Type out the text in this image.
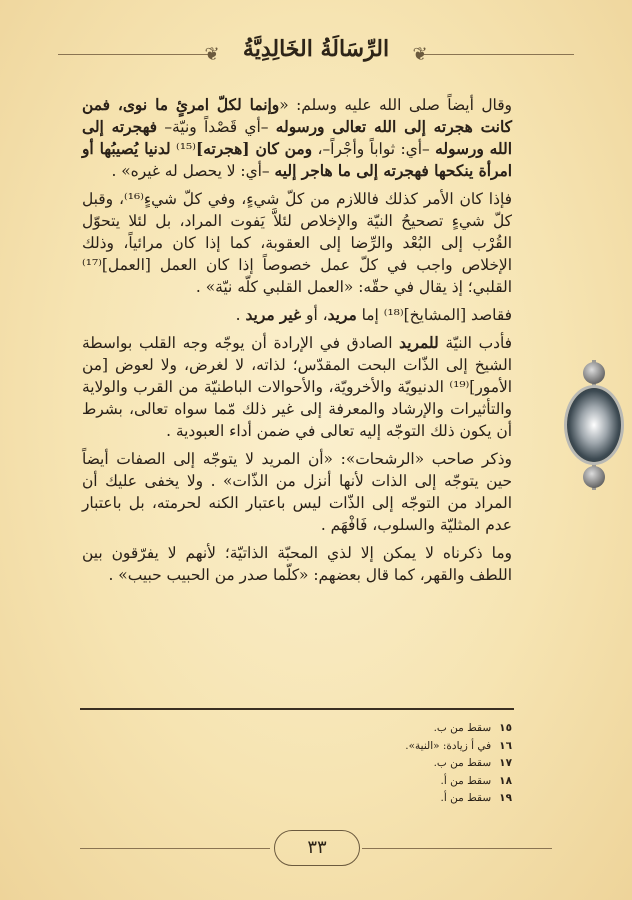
❦
الرِّسَالَةُ الخَالِدِيَّةُ
❦

وقال أيضاً صلى الله عليه وسلم: «وإنما لكلّ امرئٍ ما نوى، فمن كانت هجرته إلى الله تعالى ورسوله –أي قَصْداً ونيّة– فهجرته إلى الله ورسوله –أي: ثواباً وأجْراً–، ومن كان [هجرته]⁽¹⁵⁾ لدنيا يُصيبُها أو امرأة ينكحها فهجرته إلى ما هاجر إليه –أي: لا يحصل له غيره» .

فإذا كان الأمر كذلك فاللازم من كلّ شيءٍ، وفي كلّ شيءٍ⁽¹⁶⁾، وقبل كلّ شيءٍ تصحيحُ النيّة والإخلاص لئلاَّ يَفوت المراد، بل لئلا يتحوّل القُرْب إلى البُعْد والرِّضا إلى العقوبة، كما إذا كان مرائياً، وذلك الإخلاص واجب في كلّ عمل خصوصاً إذا كان العمل [العمل]⁽¹⁷⁾ القلبي؛ إذ يقال في حقّه: «العمل القلبي كلّه نيّة» .

فقاصد [المشايخ]⁽¹⁸⁾ إما مريد، أو غير مريد .

فأدب النيّة للمريد الصادق في الإرادة أن يوجّه وجه القلب بواسطة الشيخ إلى الذّات البحت المقدّس؛ لذاته، لا لغرض، ولا لعوض [من الأمور]⁽¹⁹⁾ الدنيويّة والأخرويّة، والأحوالات الباطنيّة من القرب والولاية والتأثيرات والإرشاد والمعرفة إلى غير ذلك مّما سواه تعالى، بشرط أن يكون ذلك التوجّه إليه تعالى في ضمن أداء العبودية .

وذكر صاحب «الرشحات»: «أن المريد لا يتوجّه إلى الصفات أيضاً حين يتوجّه إلى الذات لأنها أنزل من الذّات» . ولا يخفى عليك أن المراد من التوجّه إلى الذّات ليس باعتبار الكنه لحرمته، بل باعتبار عدم المثليّة والسلوب، فَافْهَم .

وما ذكرناه لا يمكن إلا لذي المحبّة الذاتيّة؛ لأنهم لا يفرّقون بين اللطف والقهر، كما قال بعضهم: «كلّما صدر من الحبيب حبيب» .

١٥سقط من ب.
١٦في أ زيادة: «النية».
١٧سقط من ب.
١٨سقط من أ.
١٩سقط من أ.
٣٣
